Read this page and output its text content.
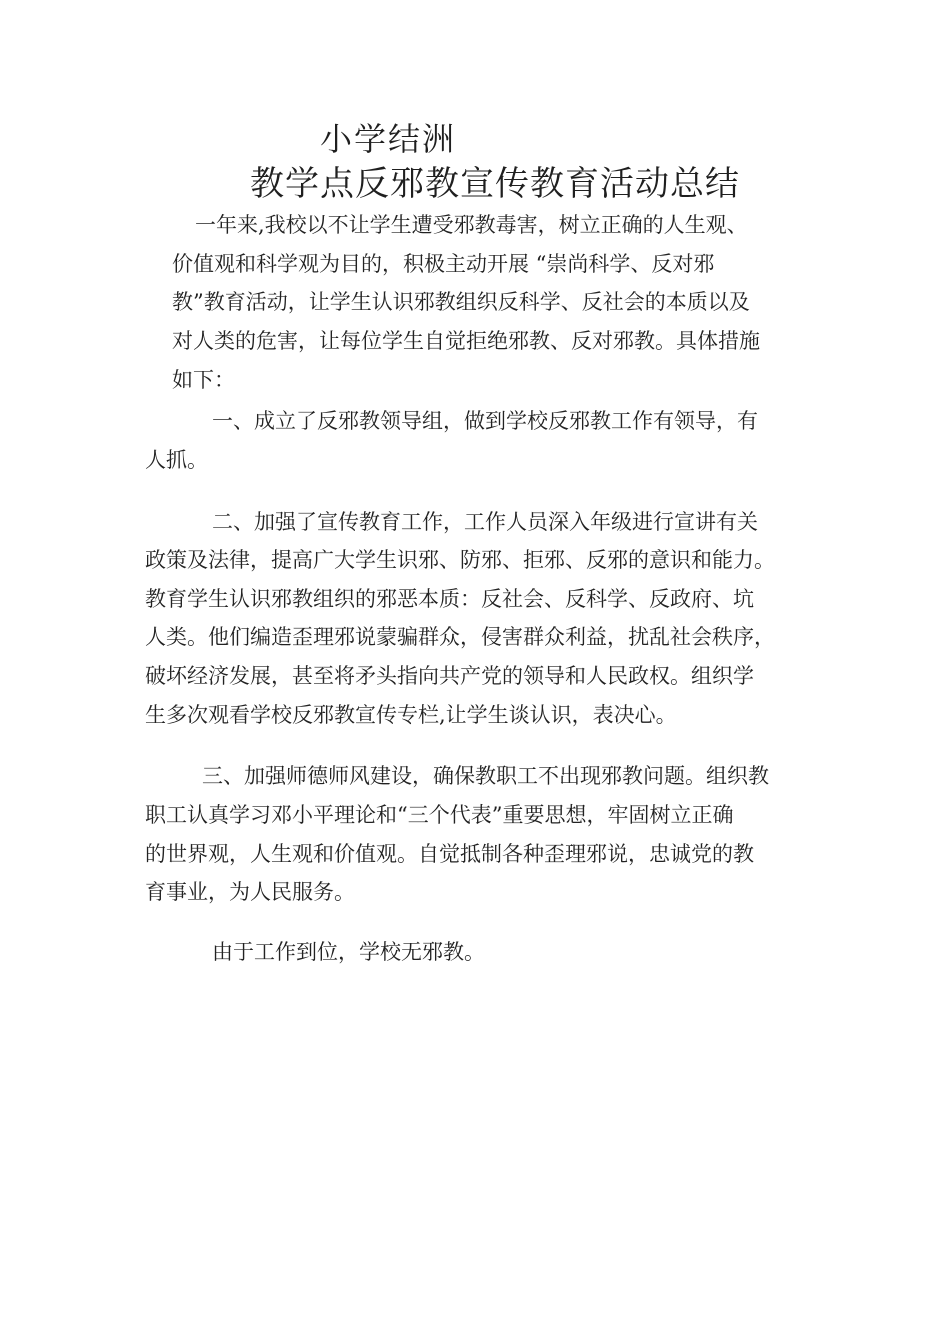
小学结洲
教学点反邪教宣传教育活动总结
一年来,我校以不让学生遭受邪教毒害，树立正确的人生观、
价值观和科学观为目的，积极主动开展 “崇尚科学、反对邪
教”教育活动，让学生认识邪教组织反科学、反社会的本质以及
对人类的危害，让每位学生自觉拒绝邪教、反对邪教。具体措施
如下：
一、成立了反邪教领导组，做到学校反邪教工作有领导，有
人抓。
二、加强了宣传教育工作，工作人员深入年级进行宣讲有关
政策及法律，提高广大学生识邪、防邪、拒邪、反邪的意识和能力。
教育学生认识邪教组织的邪恶本质：反社会、反科学、反政府、坑
人类。他们编造歪理邪说蒙骗群众，侵害群众利益，扰乱社会秩序，
破坏经济发展，甚至将矛头指向共产党的领导和人民政权。组织学
生多次观看学校反邪教宣传专栏,让学生谈认识，表决心。
三、加强师德师风建设，确保教职工不出现邪教问题。组织教
职工认真学习邓小平理论和“三个代表”重要思想，牢固树立正确
的世界观，人生观和价值观。自觉抵制各种歪理邪说，忠诚党的教
育事业，为人民服务。
由于工作到位，学校无邪教。
